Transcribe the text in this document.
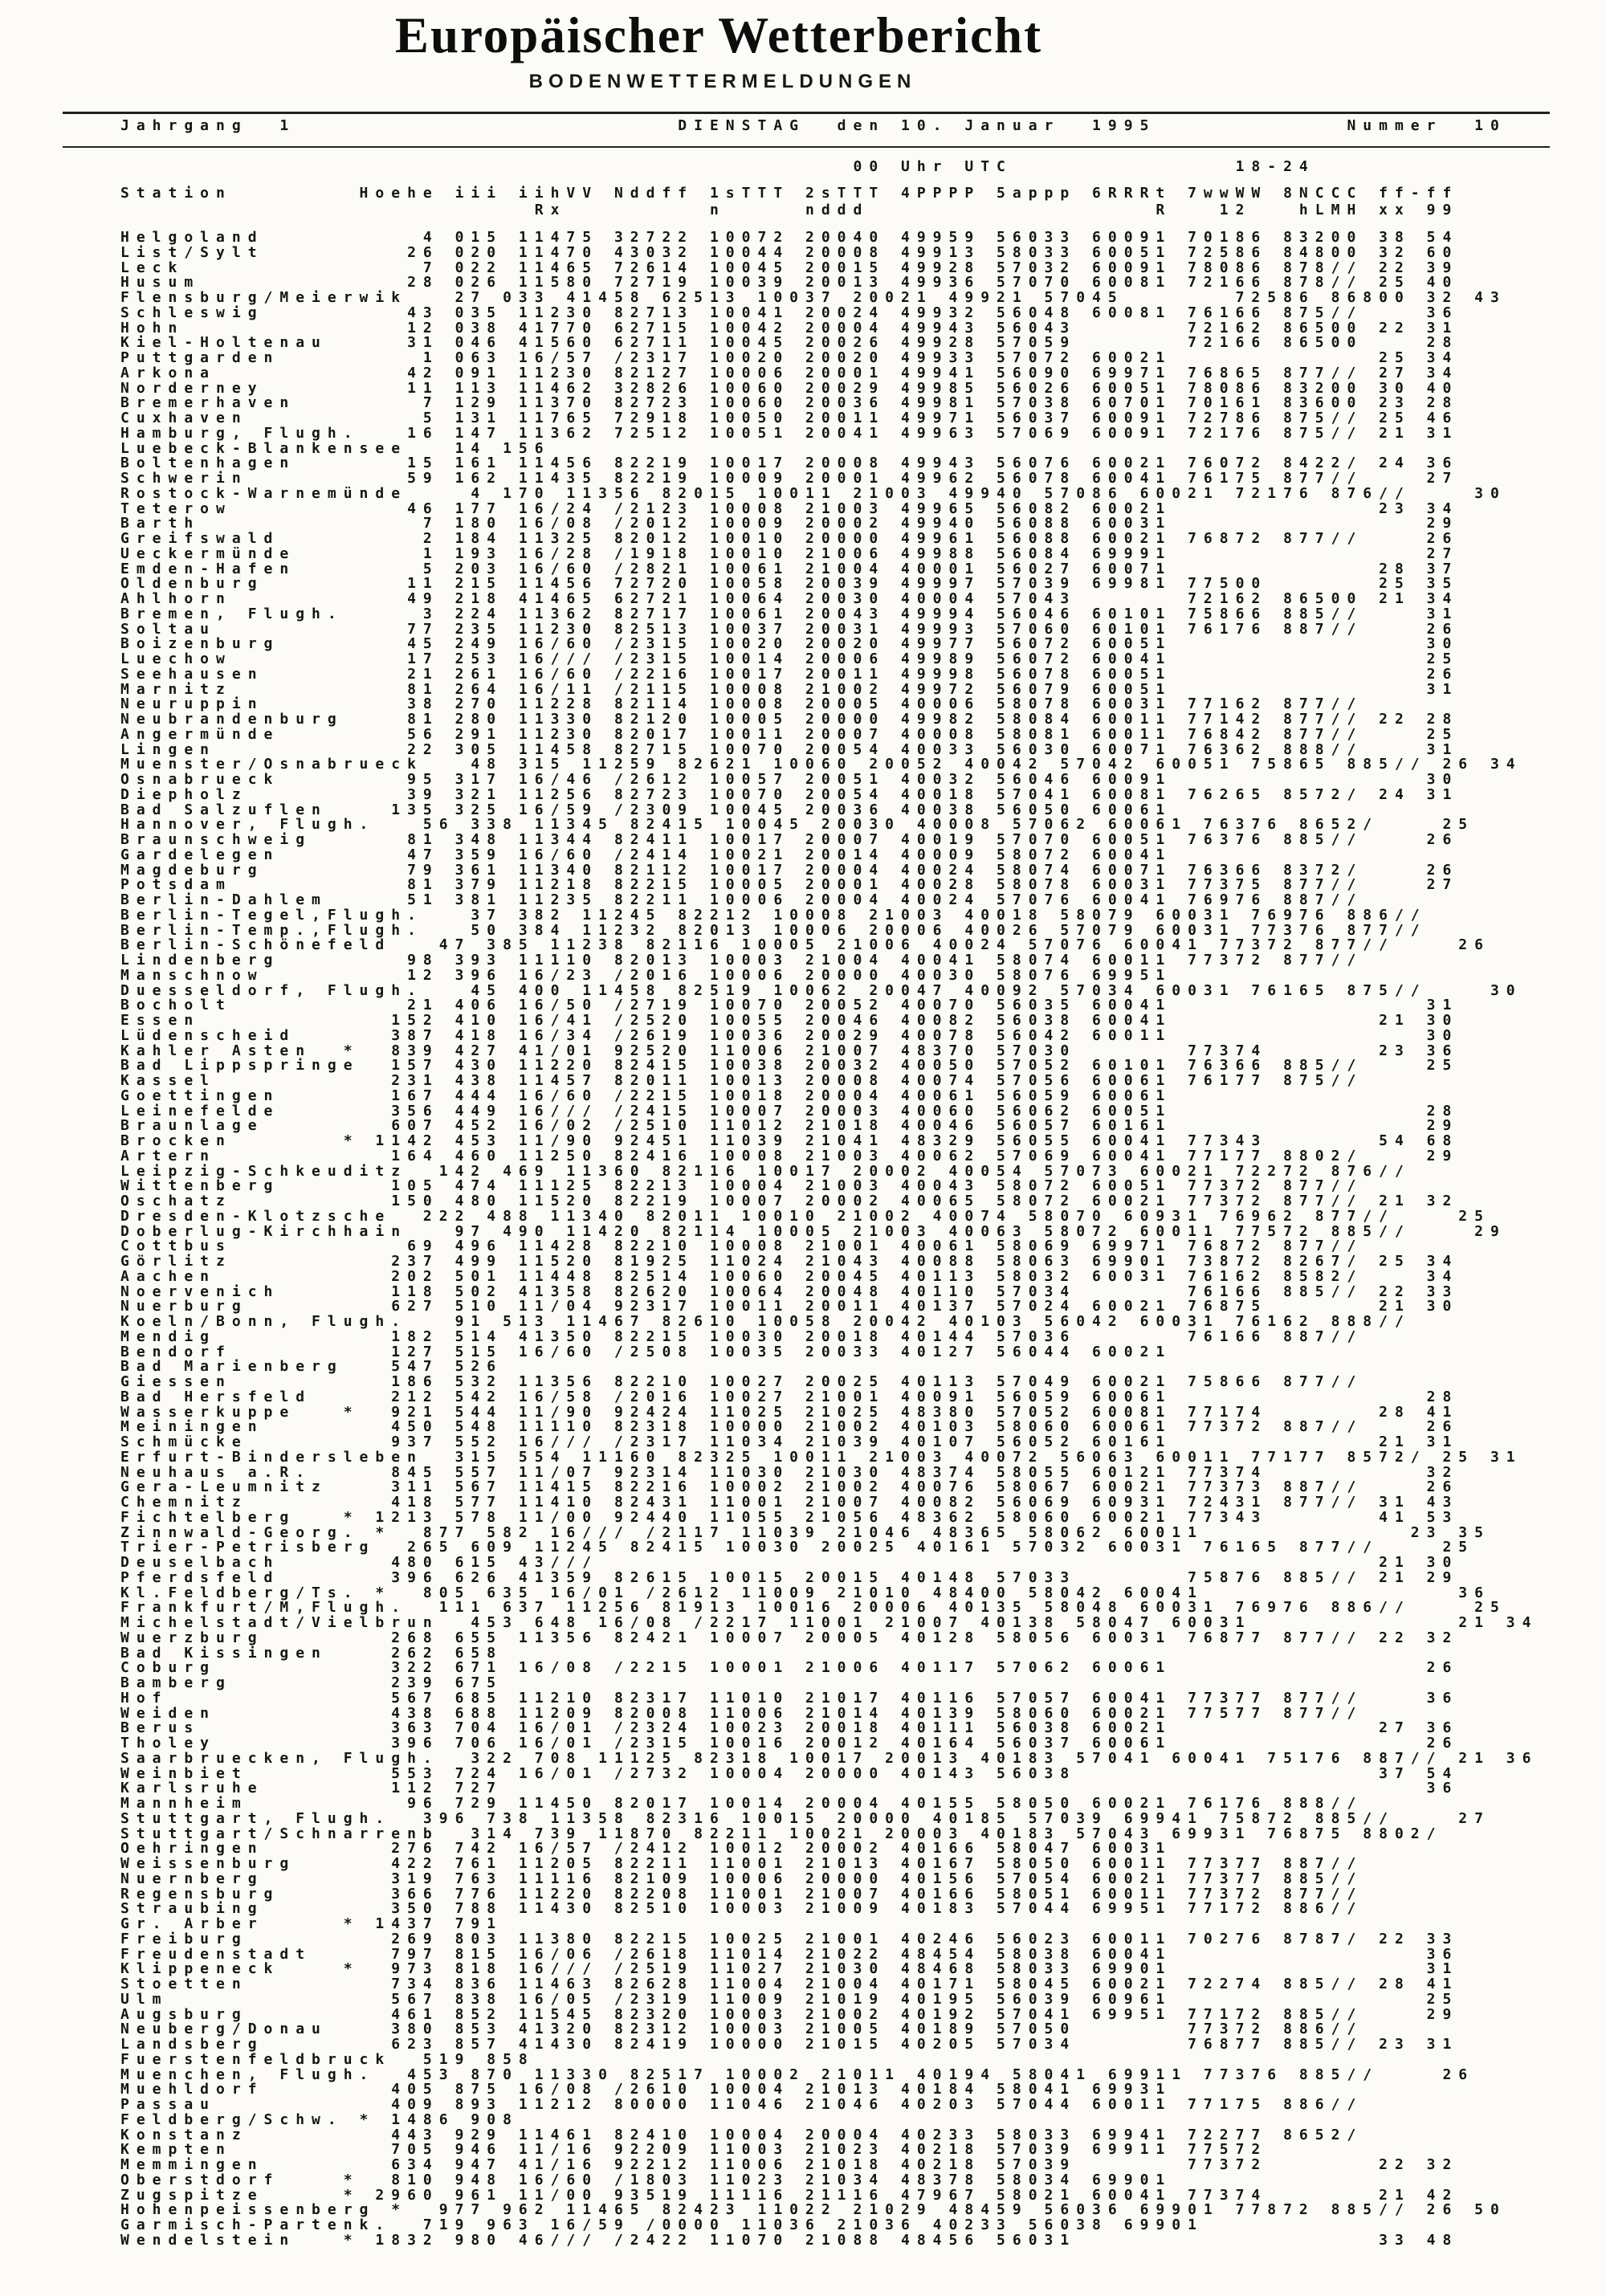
Europäischer Wetterbericht
BODENWETTERMELDUNGEN
Jahrgang  1                        DIENSTAG  den 10. Januar  1995            Nummer  10
00 Uhr UTC              18-24
Station        Hoehe iii iihVV Nddff 1sTTT 2sTTT 4PPPP 5appp 6RRRt 7wwWW 8NCCC ff-ff
Rx         n     nddd                  R   12   hLMH xx 99
Helgoland          4 015 11475 32722 10072 20040 49959 56033 60091 70186 83200 38 54
List/Sylt         26 020 11470 43032 10044 20008 49913 58033 60051 72586 84800 32 60
Leck               7 022 11465 72614 10045 20015 49928 57032 60091 78086 878// 22 39
Husum             28 026 11580 72719 10039 20013 49936 57070 60081 72166 878// 25 40
Flensburg/Meierwik   27 033 41458 62513 10037 20021 49921 57045       72586 86800 32 43
Schleswig         43 035 11230 82713 10041 20024 49932 56048 60081 76166 875//    36
Hohn              12 038 41770 62715 10042 20004 49943 56043       72162 86500 22 31
Kiel-Holtenau     31 046 41560 62711 10045 20026 49928 57059       72166 86500    28
Puttgarden         1 063 16/57 /2317 10020 20020 49933 57072 60021             25 34
Arkona            42 091 11230 82127 10006 20001 49941 56090 69971 76865 877// 27 34
Norderney         11 113 11462 32826 10060 20029 49985 56026 60051 78086 83200 30 40
Bremerhaven        7 129 11370 82723 10060 20036 49981 57038 60701 70161 83600 23 28
Cuxhaven           5 131 11765 72918 10050 20011 49971 56037 60091 72786 875// 25 46
Hamburg, Flugh.   16 147 11362 72512 10051 20041 49963 57069 60091 72176 875// 21 31
Luebeck-Blankensee   14 156
Boltenhagen       15 161 11456 82219 10017 20008 49943 56076 60021 76072 8422/ 24 36
Schwerin          59 162 11435 82219 10009 20001 49962 56078 60041 76175 877//    27
Rostock-Warnemünde    4 170 11356 82015 10011 21003 49940 57086 60021 72176 876//    30
Teterow           46 177 16/24 /2123 10008 21003 49965 56082 60021             23 34
Barth              7 180 16/08 /2012 10009 20002 49940 56088 60031                29
Greifswald         2 184 11325 82012 10010 20000 49961 56088 60021 76872 877//    26
Ueckermünde        1 193 16/28 /1918 10010 21006 49988 56084 69991                27
Emden-Hafen        5 203 16/60 /2821 10061 21004 40001 56027 60071             28 37
Oldenburg         11 215 11456 72720 10058 20039 49997 57039 69981 77500       25 35
Ahlhorn           49 218 41465 62721 10064 20030 40004 57043       72162 86500 21 34
Bremen, Flugh.     3 224 11362 82717 10061 20043 49994 56046 60101 75866 885//    31
Soltau            77 235 11230 82513 10037 20031 49993 57060 60101 76176 887//    26
Boizenburg        45 249 16/60 /2315 10020 20020 49977 56072 60051                30
Luechow           17 253 16/// /2315 10014 20006 49989 56072 60041                25
Seehausen         21 261 16/60 /2216 10017 20011 49998 56078 60051                26
Marnitz           81 264 16/11 /2115 10008 21002 49972 56079 60051                31
Neuruppin         38 270 11228 82114 10008 20005 40006 58078 60031 77162 877//
Neubrandenburg    81 280 11330 82120 10005 20000 49982 58084 60011 77142 877// 22 28
Angermünde        56 291 11230 82017 10011 20007 40008 58081 60011 76842 877//    25
Lingen            22 305 11458 82715 10070 20054 40033 56030 60071 76362 888//    31
Muenster/Osnabrueck   48 315 11259 82621 10060 20052 40042 57042 60051 75865 885// 26 34
Osnabrueck        95 317 16/46 /2612 10057 20051 40032 56046 60091                30
Diepholz          39 321 11256 82723 10070 20054 40018 57041 60081 76265 8572/ 24 31
Bad Salzuflen    135 325 16/59 /2309 10045 20036 40038 56050 60061
Hannover, Flugh.   56 338 11345 82415 10045 20030 40008 57062 60061 76376 8652/    25
Braunschweig      81 348 11344 82411 10017 20007 40019 57070 60051 76376 885//    26
Gardelegen        47 359 16/60 /2414 10021 20014 40009 58072 60041
Magdeburg         79 361 11340 82112 10017 20004 40024 58074 60071 76366 8372/    26
Potsdam           81 379 11218 82215 10005 20001 40028 58078 60031 77375 877//    27
Berlin-Dahlem     51 381 11235 82211 10006 20004 40024 57076 60041 76976 887//
Berlin-Tegel,Flugh.   37 382 11245 82212 10008 21003 40018 58079 60031 76976 886//
Berlin-Temp.,Flugh.   50 384 11232 82013 10006 20006 40026 57079 60031 77376 877//
Berlin-Schönefeld   47 385 11238 82116 10005 21006 40024 57076 60041 77372 877//    26
Lindenberg        98 393 11110 82013 10003 21004 40041 58074 60011 77372 877//
Manschnow         12 396 16/23 /2016 10006 20000 40030 58076 69951
Duesseldorf, Flugh.   45 400 11458 82519 10062 20047 40092 57034 60031 76165 875//    30
Bocholt           21 406 16/50 /2719 10070 20052 40070 56035 60041                31
Essen            152 410 16/41 /2520 10055 20046 40082 56038 60041             21 30
Lüdenscheid      387 418 16/34 /2619 10036 20029 40078 56042 60011                30
Kahler Asten  *  839 427 41/01 92520 11006 21007 48370 57030       77374       23 36
Bad Lippspringe  157 430 11220 82415 10038 20032 40050 57052 60101 76366 885//    25
Kassel           231 438 11457 82011 10013 20008 40074 57056 60061 76177 875//
Goettingen       167 444 16/60 /2215 10018 20004 40061 56059 60061
Leinefelde       356 449 16/// /2415 10007 20003 40060 56062 60051                28
Braunlage        607 452 16/02 /2510 11012 21018 40046 56057 60161                29
Brocken       * 1142 453 11/90 92451 11039 21041 48329 56055 60041 77343       54 68
Artern           164 460 11250 82416 10008 21003 40062 57069 60041 77177 8802/    29
Leipzig-Schkeuditz  142 469 11360 82116 10017 20002 40054 57073 60021 72272 876//
Wittenberg       105 474 11125 82213 10004 21003 40043 58072 60051 77372 877//
Oschatz          150 480 11520 82219 10007 20002 40065 58072 60021 77372 877// 21 32
Dresden-Klotzsche  222 488 11340 82011 10010 21002 40074 58070 60931 76962 877//    25
Doberlug-Kirchhain   97 490 11420 82114 10005 21003 40063 58072 60011 77572 885//    29
Cottbus           69 496 11428 82210 10008 21001 40061 58069 69971 76872 877//
Görlitz          237 499 11520 81925 11024 21043 40088 58063 69901 73872 8267/ 25 34
Aachen           202 501 11448 82514 10060 20045 40113 58032 60031 76162 8582/    34
Noervenich       118 502 41358 82620 10064 20048 40110 57034       76166 885// 22 33
Nuerburg         627 510 11/04 92317 10011 20011 40137 57024 60021 76875       21 30
Koeln/Bonn, Flugh.   91 513 11467 82610 10058 20042 40103 56042 60031 76162 888//
Mendig           182 514 41350 82215 10030 20018 40144 57036       76166 887//
Bendorf          127 515 16/60 /2508 10035 20033 40127 56044 60021
Bad Marienberg   547 526
Giessen          186 532 11356 82210 10027 20025 40113 57049 60021 75866 877//
Bad Hersfeld     212 542 16/58 /2016 10027 21001 40091 56059 60061                28
Wasserkuppe   *  921 544 11/90 92424 11025 21025 48380 57052 60081 77174       28 41
Meiningen        450 548 11110 82318 10000 21002 40103 58060 60061 77372 887//    26
Schmücke         937 552 16/// /2317 11034 21039 40107 56052 60161             21 31
Erfurt-Bindersleben  315 554 11160 82325 10011 21003 40072 56063 60011 77177 8572/ 25 31
Neuhaus a.R.     845 557 11/07 92314 11030 21030 48374 58055 60121 77374          32
Gera-Leumnitz    311 567 11415 82216 10002 21002 40076 58067 60021 77373 887//    26
Chemnitz         418 577 11410 82431 11001 21007 40082 56069 60931 72431 877// 31 43
Fichtelberg   * 1213 578 11/00 92440 11055 21056 48362 58060 60021 77343       41 53
Zinnwald-Georg. *  877 582 16/// /2117 11039 21046 48365 58062 60011             23 35
Trier-Petrisberg  265 609 11245 82415 10030 20025 40161 57032 60031 76165 877//    25
Deuselbach       480 615 43///                                                 21 30
Pferdsfeld       396 626 41359 82615 10015 20015 40148 57033       75876 885// 21 29
Kl.Feldberg/Ts. *  805 635 16/01 /2612 11009 21010 48400 58042 60041                36
Frankfurt/M,Flugh.  111 637 11256 81913 10016 20006 40135 58048 60031 76976 886//    25
Michelstadt/Vielbrun  453 648 16/08 /2217 11001 21007 40138 58047 60031             21 34
Wuerzburg        268 655 11356 82421 10007 20005 40128 58056 60031 76877 877// 22 32
Bad Kissingen    262 658
Coburg           322 671 16/08 /2215 10001 21006 40117 57062 60061                26
Bamberg          239 675
Hof              567 685 11210 82317 11010 21017 40116 57057 60041 77377 877//    36
Weiden           438 688 11209 82008 11006 21014 40139 58060 60021 77577 877//
Berus            363 704 16/01 /2324 10023 20018 40111 56038 60021             27 36
Tholey           396 706 16/01 /2315 10016 20012 40164 56037 60061                26
Saarbruecken, Flugh.  322 708 11125 82318 10017 20013 40183 57041 60041 75176 887// 21 36
Weinbiet         553 724 16/01 /2732 10004 20000 40143 56038                   37 54
Karlsruhe        112 727                                                          36
Mannheim          96 729 11450 82017 10014 20004 40155 58050 60021 76176 888//
Stuttgart, Flugh.  396 738 11358 82316 10015 20000 40185 57039 69941 75872 885//    27
Stuttgart/Schnarrenb  314 739 11870 82211 10021 20003 40183 57043 69931 76875 8802/
Oehringen        276 742 16/57 /2412 10012 20002 40166 58047 60031
Weissenburg      422 761 11205 82211 11001 21013 40167 58050 60011 77377 887//
Nuernberg        319 763 11116 82109 10006 20000 40156 57054 60021 77377 885//
Regensburg       366 776 11220 82208 11001 21007 40166 58051 60011 77372 877//
Straubing        350 788 11430 82510 10003 21009 40183 57044 69951 77172 886//
Gr. Arber     * 1437 791
Freiburg         269 803 11380 82215 10025 21001 40246 56023 60011 70276 8787/ 22 33
Freudenstadt     797 815 16/06 /2618 11014 21022 48454 58038 60041                36
Klippeneck    *  973 818 16/// /2519 11027 21030 48468 58033 69901                31
Stoetten         734 836 11463 82628 11004 21004 40171 58045 60021 72274 885// 28 41
Ulm              567 838 16/05 /2319 11009 21019 40195 56039 60961                25
Augsburg         461 852 11545 82320 10003 21002 40192 57041 69951 77172 885//    29
Neuberg/Donau    380 853 41320 82312 10003 21005 40189 57050       77372 886//
Landsberg        623 857 41430 82419 10000 21015 40205 57034       76877 885// 23 31
Fuerstenfeldbruck  519 858
Muenchen, Flugh.  453 870 11330 82517 10002 21011 40194 58041 69911 77376 885//    26
Muehldorf        405 875 16/08 /2610 10004 21013 40184 58041 69931
Passau           409 893 11212 80000 11046 21046 40203 57044 60011 77175 886//
Feldberg/Schw. * 1486 908
Konstanz         443 929 11461 82410 10004 20004 40233 58033 69941 72277 8652/
Kempten          705 946 11/16 92209 11003 21023 40218 57039 69911 77572
Memmingen        634 947 41/16 92212 11006 21018 40218 57039       77372       22 32
Oberstdorf    *  810 948 16/60 /1803 11023 21034 48378 58034 69901
Zugspitze     * 2960 961 11/00 93519 11116 21116 47967 58021 60041 77374       21 42
Hohenpeissenberg *  977 962 11465 82423 11022 21029 48459 56036 69901 77872 885// 26 50
Garmisch-Partenk.  719 963 16/59 /0000 11036 21036 40233 56038 69901
Wendelstein   * 1832 980 46/// /2422 11070 21088 48456 56031                   33 48
